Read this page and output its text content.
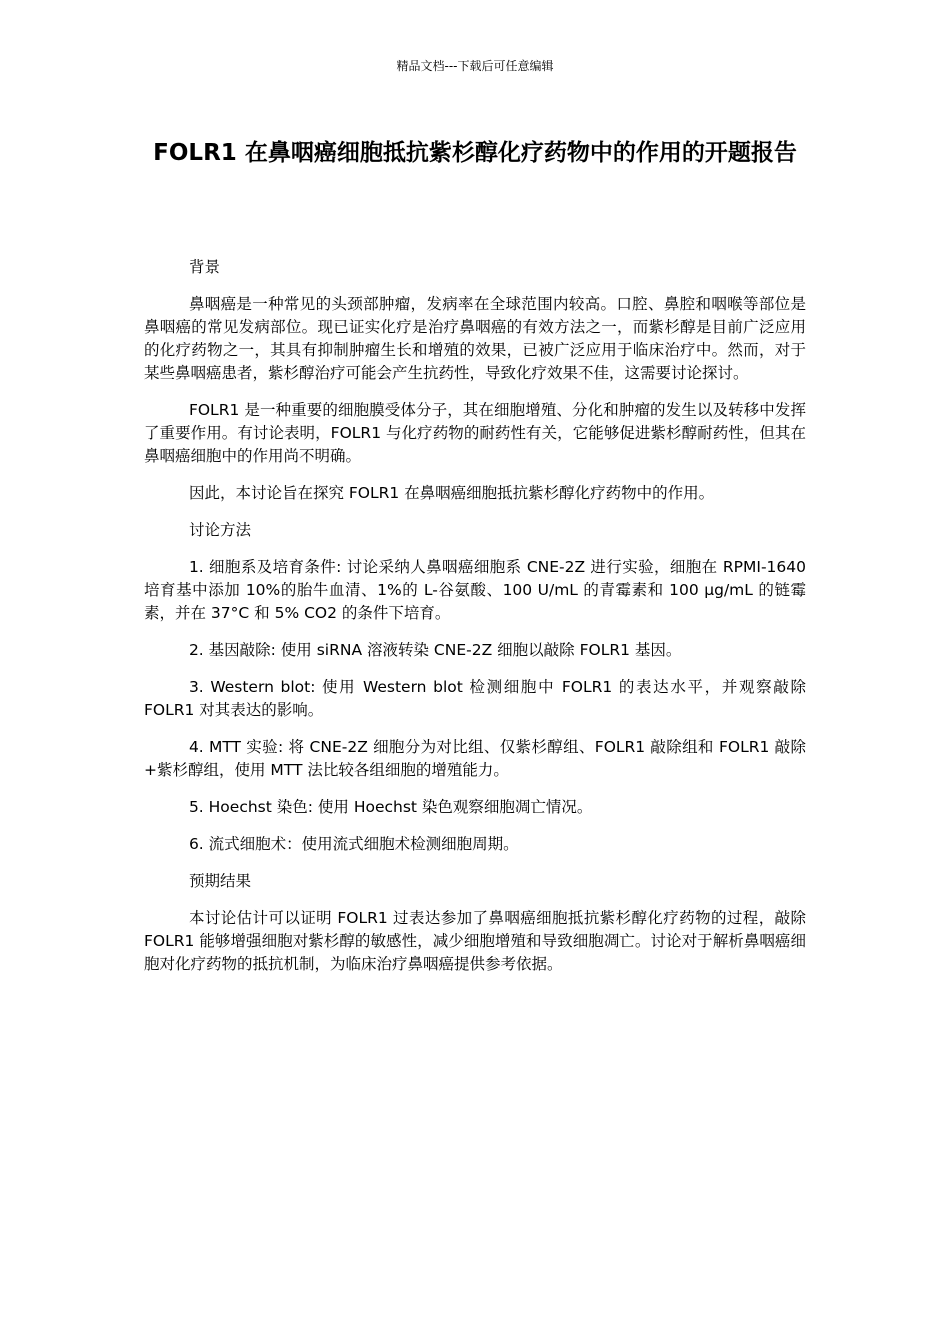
精品文档---下载后可任意编辑
FOLR1 在鼻咽癌细胞抵抗紫杉醇化疗药物中的作用的开题报告

背景

鼻咽癌是一种常见的头颈部肿瘤，发病率在全球范围内较高。口腔、鼻腔和咽喉等部位是鼻咽癌的常见发病部位。现已证实化疗是治疗鼻咽癌的有效方法之一，而紫杉醇是目前广泛应用的化疗药物之一，其具有抑制肿瘤生长和增殖的效果，已被广泛应用于临床治疗中。然而，对于某些鼻咽癌患者，紫杉醇治疗可能会产生抗药性，导致化疗效果不佳，这需要讨论探讨。

FOLR1 是一种重要的细胞膜受体分子，其在细胞增殖、分化和肿瘤的发生以及转移中发挥了重要作用。有讨论表明，FOLR1 与化疗药物的耐药性有关，它能够促进紫杉醇耐药性，但其在鼻咽癌细胞中的作用尚不明确。

因此，本讨论旨在探究 FOLR1 在鼻咽癌细胞抵抗紫杉醇化疗药物中的作用。

讨论方法

1. 细胞系及培育条件: 讨论采纳人鼻咽癌细胞系 CNE-2Z 进行实验，细胞在 RPMI-1640 培育基中添加 10%的胎牛血清、1%的 L-谷氨酸、100 U/mL 的青霉素和 100 μg/mL 的链霉素，并在 37°C 和 5% CO2 的条件下培育。

2. 基因敲除: 使用 siRNA 溶液转染 CNE-2Z 细胞以敲除 FOLR1 基因。

3. Western blot: 使用 Western blot 检测细胞中 FOLR1 的表达水平，并观察敲除 FOLR1 对其表达的影响。

4. MTT 实验: 将 CNE-2Z 细胞分为对比组、仅紫杉醇组、FOLR1 敲除组和 FOLR1 敲除+紫杉醇组，使用 MTT 法比较各组细胞的增殖能力。

5. Hoechst 染色: 使用 Hoechst 染色观察细胞凋亡情况。

6. 流式细胞术：使用流式细胞术检测细胞周期。

预期结果

本讨论估计可以证明 FOLR1 过表达参加了鼻咽癌细胞抵抗紫杉醇化疗药物的过程，敲除 FOLR1 能够增强细胞对紫杉醇的敏感性，减少细胞增殖和导致细胞凋亡。讨论对于解析鼻咽癌细胞对化疗药物的抵抗机制，为临床治疗鼻咽癌提供参考依据。
